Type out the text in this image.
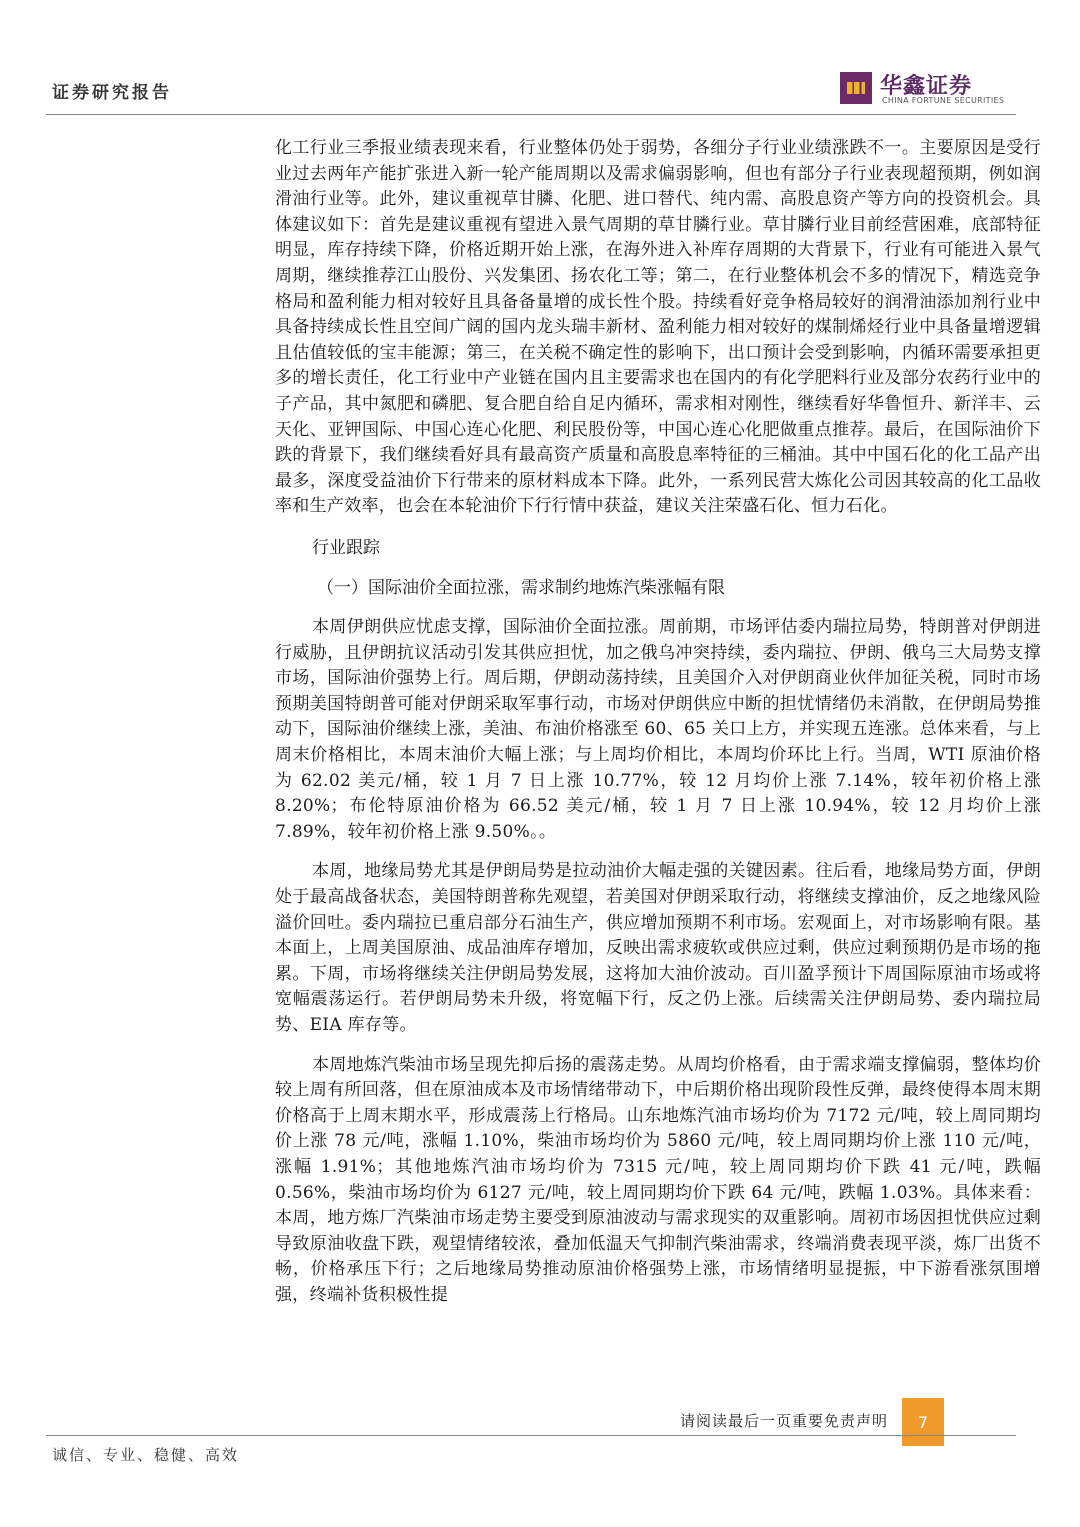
证券研究报告	华鑫证券
CHINA FORTUNE SECURITIES

化工行业三季报业绩表现来看，行业整体仍处于弱势，各细分子行业业绩涨跌不一。主要原因是受行业过去两年产能扩张进入新一轮产能周期以及需求偏弱影响，但也有部分子行业表现超预期，例如润滑油行业等。此外，建议重视草甘膦、化肥、进口替代、纯内需、高股息资产等方向的投资机会。具体建议如下：首先是建议重视有望进入景气周期的草甘膦行业。草甘膦行业目前经营困难，底部特征明显，库存持续下降，价格近期开始上涨，在海外进入补库存周期的大背景下，行业有可能进入景气周期，继续推荐江山股份、兴发集团、扬农化工等；第二，在行业整体机会不多的情况下，精选竞争格局和盈利能力相对较好且具备备量增的成长性个股。持续看好竞争格局较好的润滑油添加剂行业中具备持续成长性且空间广阔的国内龙头瑞丰新材、盈利能力相对较好的煤制烯烃行业中具备量增逻辑且估值较低的宝丰能源；第三，在关税不确定性的影响下，出口预计会受到影响，内循环需要承担更多的增长责任，化工行业中产业链在国内且主要需求也在国内的有化学肥料行业及部分农药行业中的子产品，其中氮肥和磷肥、复合肥自给自足内循环，需求相对刚性，继续看好华鲁恒升、新洋丰、云天化、亚钾国际、中国心连心化肥、利民股份等，中国心连心化肥做重点推荐。最后，在国际油价下跌的背景下，我们继续看好具有最高资产质量和高股息率特征的三桶油。其中中国石化的化工品产出最多，深度受益油价下行带来的原材料成本下降。此外，一系列民营大炼化公司因其较高的化工品收率和生产效率，也会在本轮油价下行行情中获益，建议关注荣盛石化、恒力石化。

行业跟踪
（一）国际油价全面拉涨，需求制约地炼汽柴涨幅有限

本周伊朗供应忧虑支撑，国际油价全面拉涨。周前期，市场评估委内瑞拉局势，特朗普对伊朗进行威胁，且伊朗抗议活动引发其供应担忧，加之俄乌冲突持续，委内瑞拉、伊朗、俄乌三大局势支撑市场，国际油价强势上行。周后期，伊朗动荡持续，且美国介入对伊朗商业伙伴加征关税，同时市场预期美国特朗普可能对伊朗采取军事行动，市场对伊朗供应中断的担忧情绪仍未消散，在伊朗局势推动下，国际油价继续上涨，美油、布油价格涨至 60、65 关口上方，并实现五连涨。总体来看，与上周末价格相比，本周末油价大幅上涨；与上周均价相比，本周均价环比上行。当周，WTI 原油价格为 62.02 美元/桶，较 1 月 7 日上涨 10.77%，较 12 月均价上涨 7.14%，较年初价格上涨 8.20%；布伦特原油价格为 66.52 美元/桶，较 1 月 7 日上涨 10.94%，较 12 月均价上涨 7.89%，较年初价格上涨 9.50%。。

本周，地缘局势尤其是伊朗局势是拉动油价大幅走强的关键因素。往后看，地缘局势方面，伊朗处于最高战备状态，美国特朗普称先观望，若美国对伊朗采取行动，将继续支撑油价，反之地缘风险溢价回吐。委内瑞拉已重启部分石油生产，供应增加预期不利市场。宏观面上，对市场影响有限。基本面上，上周美国原油、成品油库存增加，反映出需求疲软或供应过剩，供应过剩预期仍是市场的拖累。下周，市场将继续关注伊朗局势发展，这将加大油价波动。百川盈孚预计下周国际原油市场或将宽幅震荡运行。若伊朗局势未升级，将宽幅下行，反之仍上涨。后续需关注伊朗局势、委内瑞拉局势、EIA 库存等。

本周地炼汽柴油市场呈现先抑后扬的震荡走势。从周均价格看，由于需求端支撑偏弱，整体均价较上周有所回落，但在原油成本及市场情绪带动下，中后期价格出现阶段性反弹，最终使得本周末期价格高于上周末期水平，形成震荡上行格局。山东地炼汽油市场均价为 7172 元/吨，较上周同期均价上涨 78 元/吨，涨幅 1.10%，柴油市场均价为 5860 元/吨，较上周同期均价上涨 110 元/吨，涨幅 1.91%；其他地炼汽油市场均价为 7315 元/吨，较上周同期均价下跌 41 元/吨，跌幅 0.56%，柴油市场均价为 6127 元/吨，较上周同期均价下跌 64 元/吨，跌幅 1.03%。具体来看：本周，地方炼厂汽柴油市场走势主要受到原油波动与需求现实的双重影响。周初市场因担忧供应过剩导致原油收盘下跌，观望情绪较浓，叠加低温天气抑制汽柴油需求，终端消费表现平淡，炼厂出货不畅，价格承压下行；之后地缘局势推动原油价格强势上涨，市场情绪明显提振，中下游看涨氛围增强，终端补货积极性提

请阅读最后一页重要免责声明	7
诚信、专业、稳健、高效
